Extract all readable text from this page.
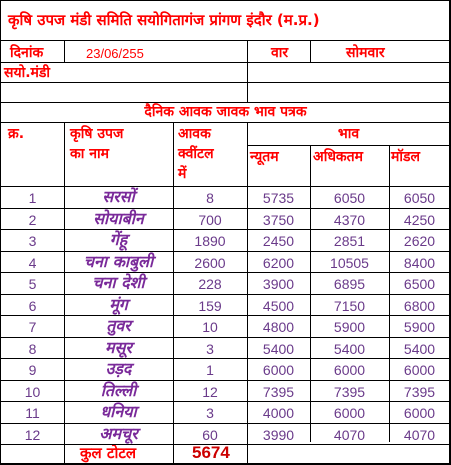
कृषि उपज मंडी समिति सयोगितागंज प्रांगण इंदौर (म.प्र.)
दिनांक	23/06/255	वार	सोमवार
सयो.मंडी
दैनिक आवक जावक भाव पत्रक
क्र.	कृषि उपज
का नाम
आवक
क्वींटल
में
भाव
न्यूतम अधिकतम मॉडल
1	सरसों	8	5735	6050	6050
2	सोयाबीन	700	3750	4370	4250
3	गेंहू	1890	2450	2851	2620
4	चना काबुली	2600	6200	10505	8400
5	चना देशी	228	3900	6895	6500
6	मूंग	159	4500	7150	6800
7	तुवर	10	4800	5900	5900
8	मसूर	3	5400	5400	5400
9	उड़द	1	6000	6000	6000
10	तिल्ली	12	7395	7395	7395
11	धनिया	3	4000	6000	6000
12	अमचूर	60	3990	4070	4070
कुल टोटल	5674
